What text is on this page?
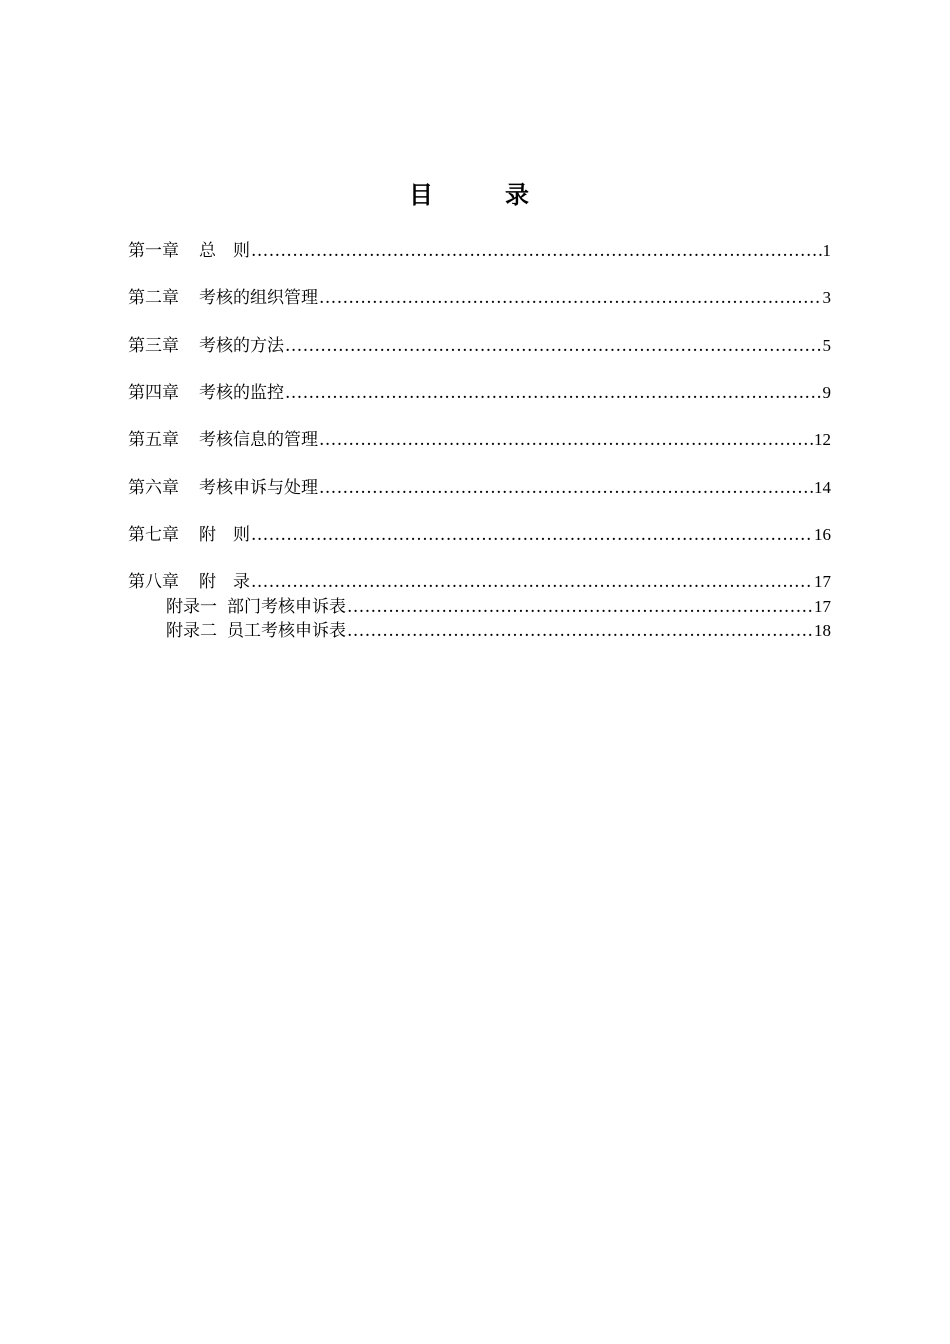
目　录
第一章 总　则 .....	1
第二章 考核的组织管理 .....	3
第三章 考核的方法 .....	5
第四章 考核的监控 .....	9
第五章 考核信息的管理 .....	12
第六章 考核申诉与处理 .....	14
第七章 附　则 .....	16
第八章 附　录 .....	17
附录一 部门考核申诉表 .....	17
附录二 员工考核申诉表 .....	18
